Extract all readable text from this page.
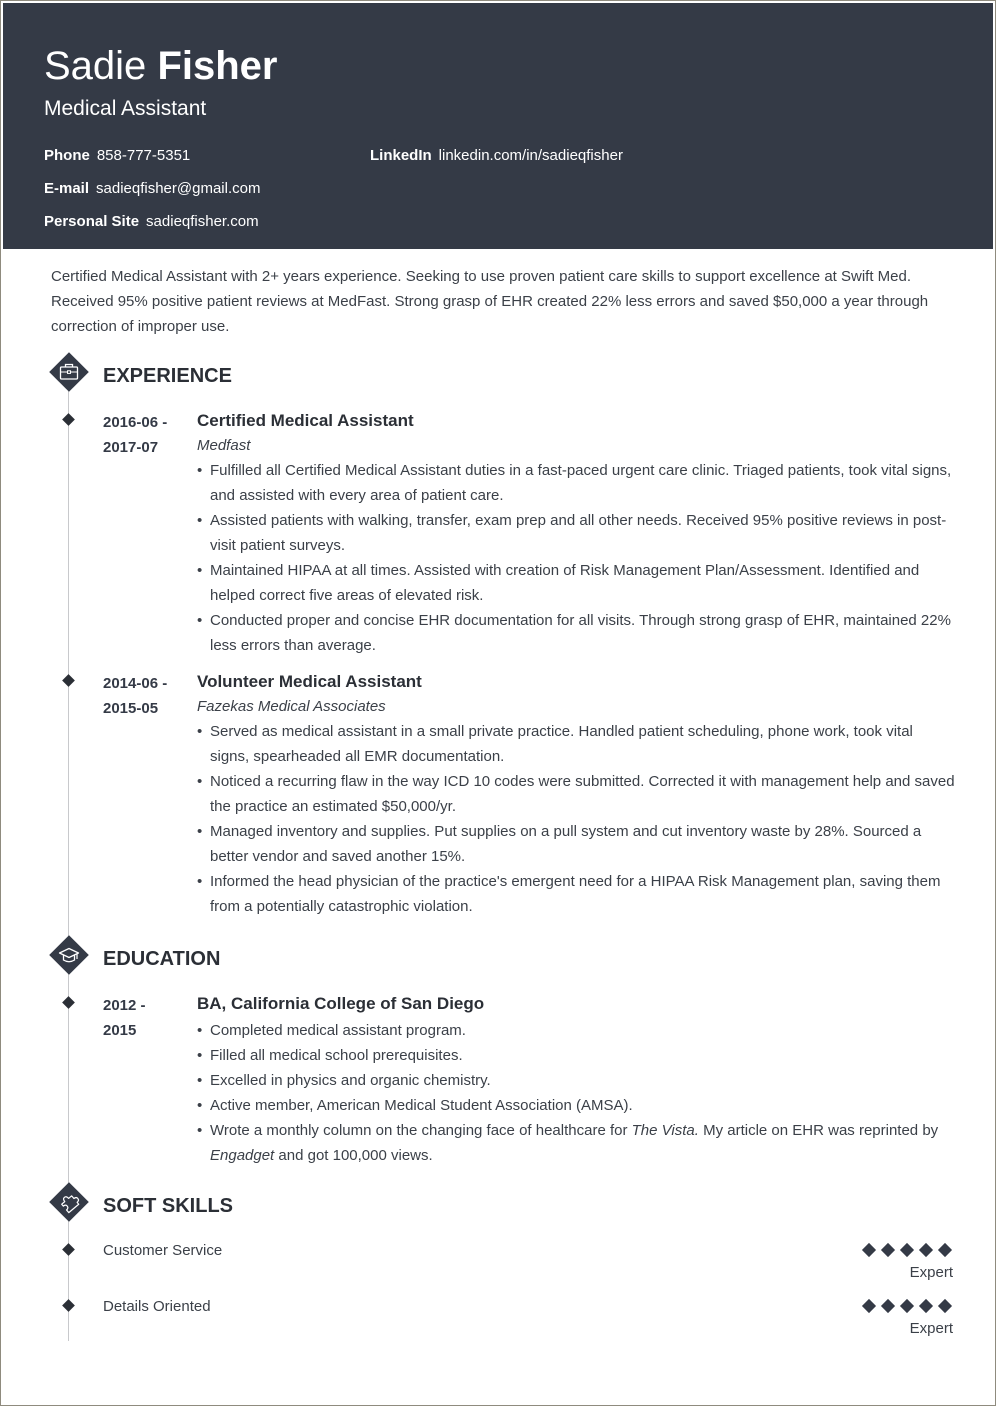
Sadie Fisher
Medical Assistant
Phone 858-777-5351	LinkedIn linkedin.com/in/sadieqfisher
E-mail sadieqfisher@gmail.com
Personal Site sadieqfisher.com
Certified Medical Assistant with 2+ years experience. Seeking to use proven patient care skills to support excellence at Swift Med. Received 95% positive patient reviews at MedFast. Strong grasp of EHR created 22% less errors and saved $50,000 a year through correction of improper use.
EXPERIENCE
2016-06 -
2017-07
Certified Medical Assistant
Medfast
• Fulfilled all Certified Medical Assistant duties in a fast-paced urgent care clinic. Triaged patients, took vital signs, and assisted with every area of patient care.
• Assisted patients with walking, transfer, exam prep and all other needs. Received 95% positive reviews in post-visit patient surveys.
• Maintained HIPAA at all times. Assisted with creation of Risk Management Plan/Assessment. Identified and helped correct five areas of elevated risk.
• Conducted proper and concise EHR documentation for all visits. Through strong grasp of EHR, maintained 22% less errors than average.
2014-06 -
2015-05
Volunteer Medical Assistant
Fazekas Medical Associates
• Served as medical assistant in a small private practice. Handled patient scheduling, phone work, took vital signs, spearheaded all EMR documentation.
• Noticed a recurring flaw in the way ICD 10 codes were submitted. Corrected it with management help and saved the practice an estimated $50,000/yr.
• Managed inventory and supplies. Put supplies on a pull system and cut inventory waste by 28%. Sourced a better vendor and saved another 15%.
• Informed the head physician of the practice's emergent need for a HIPAA Risk Management plan, saving them from a potentially catastrophic violation.
EDUCATION
2012 -
2015
BA, California College of San Diego
• Completed medical assistant program.
• Filled all medical school prerequisites.
• Excelled in physics and organic chemistry.
• Active member, American Medical Student Association (AMSA).
• Wrote a monthly column on the changing face of healthcare for The Vista. My article on EHR was reprinted by Engadget and got 100,000 views.
SOFT SKILLS
Customer Service
Expert
Details Oriented
Expert
